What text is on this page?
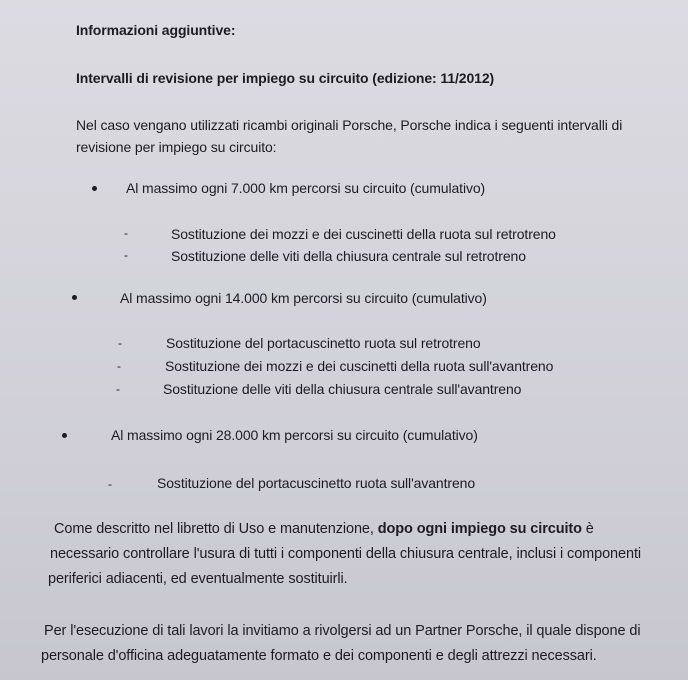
Informazioni aggiuntive:
Intervalli di revisione per impiego su circuito (edizione: 11/2012)
Nel caso vengano utilizzati ricambi originali Porsche, Porsche indica i seguenti intervalli di
revisione per impiego su circuito:
Al massimo ogni 7.000 km percorsi su circuito (cumulativo)
-	Sostituzione dei mozzi e dei cuscinetti della ruota sul retrotreno
-	Sostituzione delle viti della chiusura centrale sul retrotreno
Al massimo ogni 14.000 km percorsi su circuito (cumulativo)
-	Sostituzione del portacuscinetto ruota sul retrotreno
-	Sostituzione dei mozzi e dei cuscinetti della ruota sull'avantreno
-	Sostituzione delle viti della chiusura centrale sull'avantreno
Al massimo ogni 28.000 km percorsi su circuito (cumulativo)
-	Sostituzione del portacuscinetto ruota sull'avantreno
Come descritto nel libretto di Uso e manutenzione, dopo ogni impiego su circuito è
necessario controllare l'usura di tutti i componenti della chiusura centrale, inclusi i componenti
periferici adiacenti, ed eventualmente sostituirli.
Per l'esecuzione di tali lavori la invitiamo a rivolgersi ad un Partner Porsche, il quale dispone di
personale d'officina adeguatamente formato e dei componenti e degli attrezzi necessari.
